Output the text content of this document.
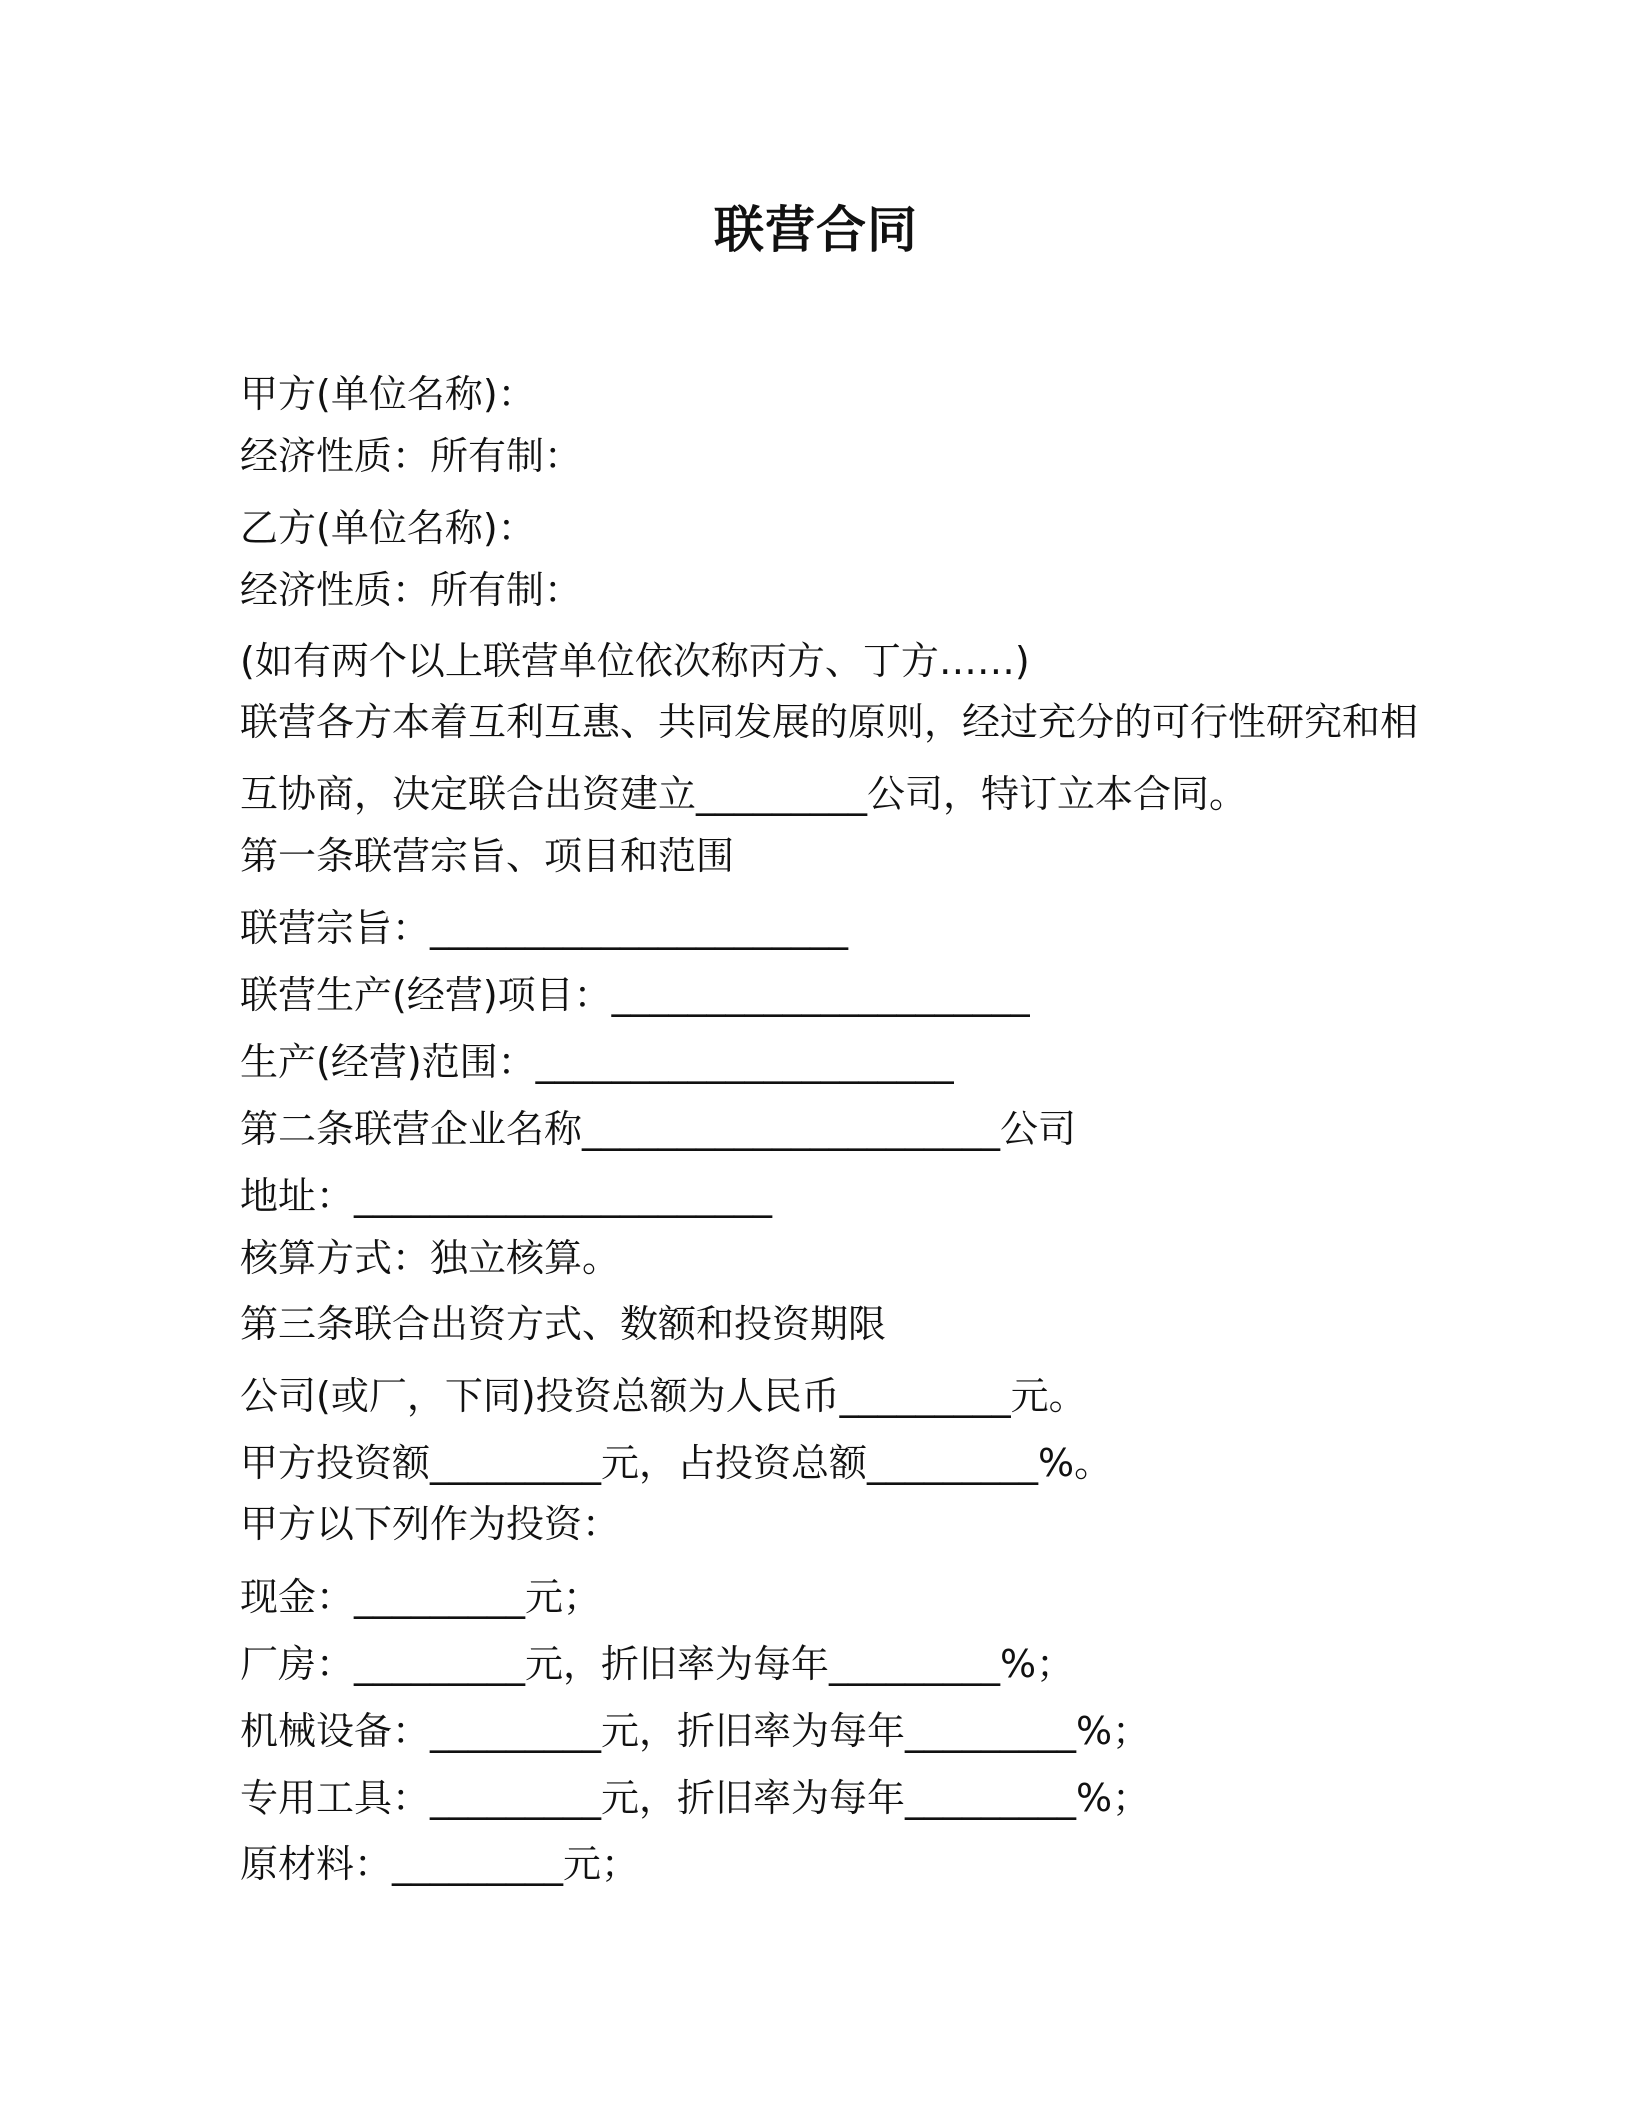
联营合同
甲方(单位名称)：
经济性质：所有制：
乙方(单位名称)：
经济性质：所有制：
(如有两个以上联营单位依次称丙方、丁方……)
联营各方本着互利互惠、共同发展的原则，经过充分的可行性研究和相
互协商，决定联合出资建立_________公司，特订立本合同。
第一条联营宗旨、项目和范围
联营宗旨：______________________
联营生产(经营)项目：______________________
生产(经营)范围：______________________
第二条联营企业名称______________________公司
地址：______________________
核算方式：独立核算。
第三条联合出资方式、数额和投资期限
公司(或厂，下同)投资总额为人民币_________元。
甲方投资额_________元，占投资总额_________%。
甲方以下列作为投资：
现金：_________元；
厂房：_________元，折旧率为每年_________%；
机械设备：_________元，折旧率为每年_________%；
专用工具：_________元，折旧率为每年_________%；
原材料：_________元；
